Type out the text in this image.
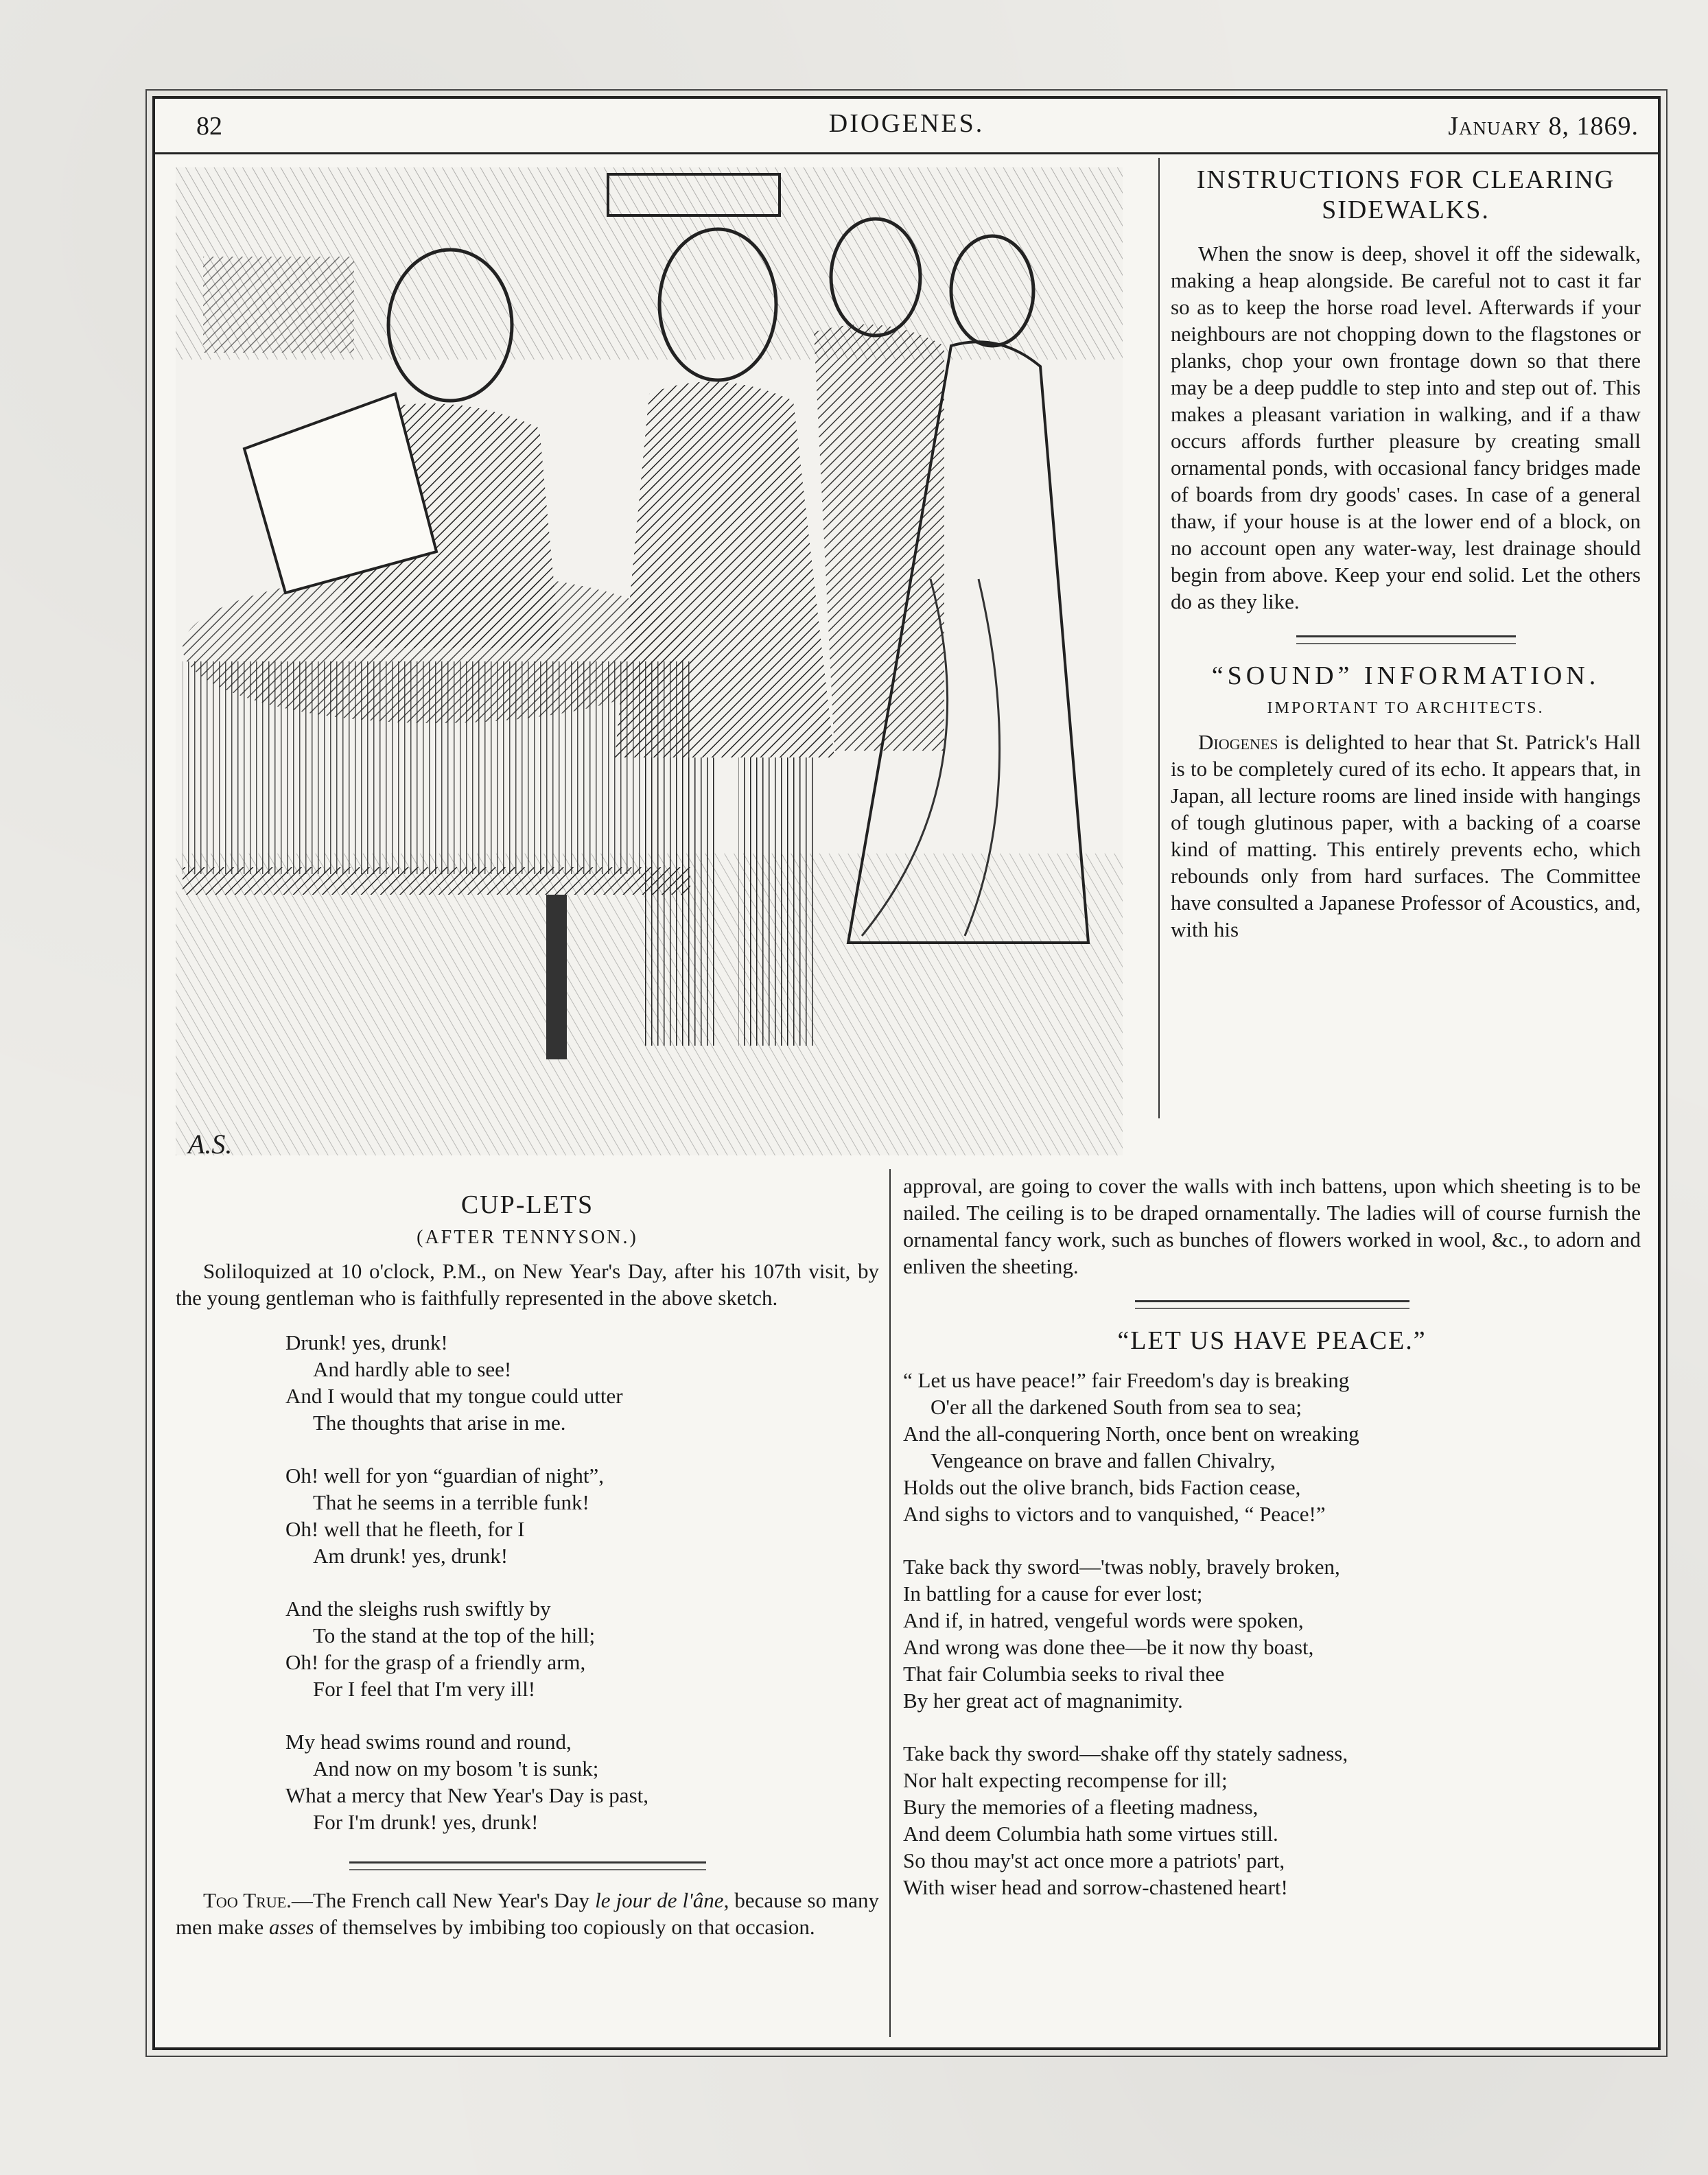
82	DIOGENES.	January 8, 1869.
A.S.
INSTRUCTIONS FOR CLEARING SIDEWALKS.

When the snow is deep, shovel it off the sidewalk, making a heap alongside. Be careful not to cast it far so as to keep the horse road level. Afterwards if your neighbours are not chopping down to the flagstones or planks, chop your own frontage down so that there may be a deep puddle to step into and step out of. This makes a pleasant variation in walking, and if a thaw occurs affords further pleasure by creating small ornamental ponds, with occasional fancy bridges made of boards from dry goods' cases. In case of a general thaw, if your house is at the lower end of a block, on no account open any water-way, lest drainage should begin from above. Keep your end solid. Let the others do as they like.

“SOUND” INFORMATION.
IMPORTANT TO ARCHITECTS.

Diogenes is delighted to hear that St. Patrick's Hall is to be completely cured of its echo. It appears that, in Japan, all lecture rooms are lined inside with hangings of tough glutinous paper, with a backing of a coarse kind of matting. This entirely prevents echo, which rebounds only from hard surfaces. The Committee have consulted a Japanese Professor of Acoustics, and, with his

approval, are going to cover the walls with inch battens, upon which sheeting is to be nailed. The ceiling is to be draped ornamentally. The ladies will of course furnish the ornamental fancy work, such as bunches of flowers worked in wool, &c., to adorn and enliven the sheeting.

“LET US HAVE PEACE.”

“ Let us have peace!” fair Freedom's day is breaking

O'er all the darkened South from sea to sea;

And the all-conquering North, once bent on wreaking

Vengeance on brave and fallen Chivalry,

Holds out the olive branch, bids Faction cease,

And sighs to victors and to vanquished, “ Peace!”

Take back thy sword—'twas nobly, bravely broken,

In battling for a cause for ever lost;

And if, in hatred, vengeful words were spoken,

And wrong was done thee—be it now thy boast,

That fair Columbia seeks to rival thee

By her great act of magnanimity.

Take back thy sword—shake off thy stately sadness,

Nor halt expecting recompense for ill;

Bury the memories of a fleeting madness,

And deem Columbia hath some virtues still.

So thou may'st act once more a patriots' part,

With wiser head and sorrow-chastened heart!

CUP-LETS
(AFTER TENNYSON.)

Soliloquized at 10 o'clock, P.M., on New Year's Day, after his 107th visit, by the young gentleman who is faithfully represented in the above sketch.

Drunk! yes, drunk!

And hardly able to see!

And I would that my tongue could utter

The thoughts that arise in me.

Oh! well for yon “guardian of night”,

That he seems in a terrible funk!

Oh! well that he fleeth, for I

Am drunk! yes, drunk!

And the sleighs rush swiftly by

To the stand at the top of the hill;

Oh! for the grasp of a friendly arm,

For I feel that I'm very ill!

My head swims round and round,

And now on my bosom 't is sunk;

What a mercy that New Year's Day is past,

For I'm drunk! yes, drunk!

Too True.—The French call New Year's Day le jour de l'âne, because so many men make asses of themselves by imbibing too copiously on that occasion.
